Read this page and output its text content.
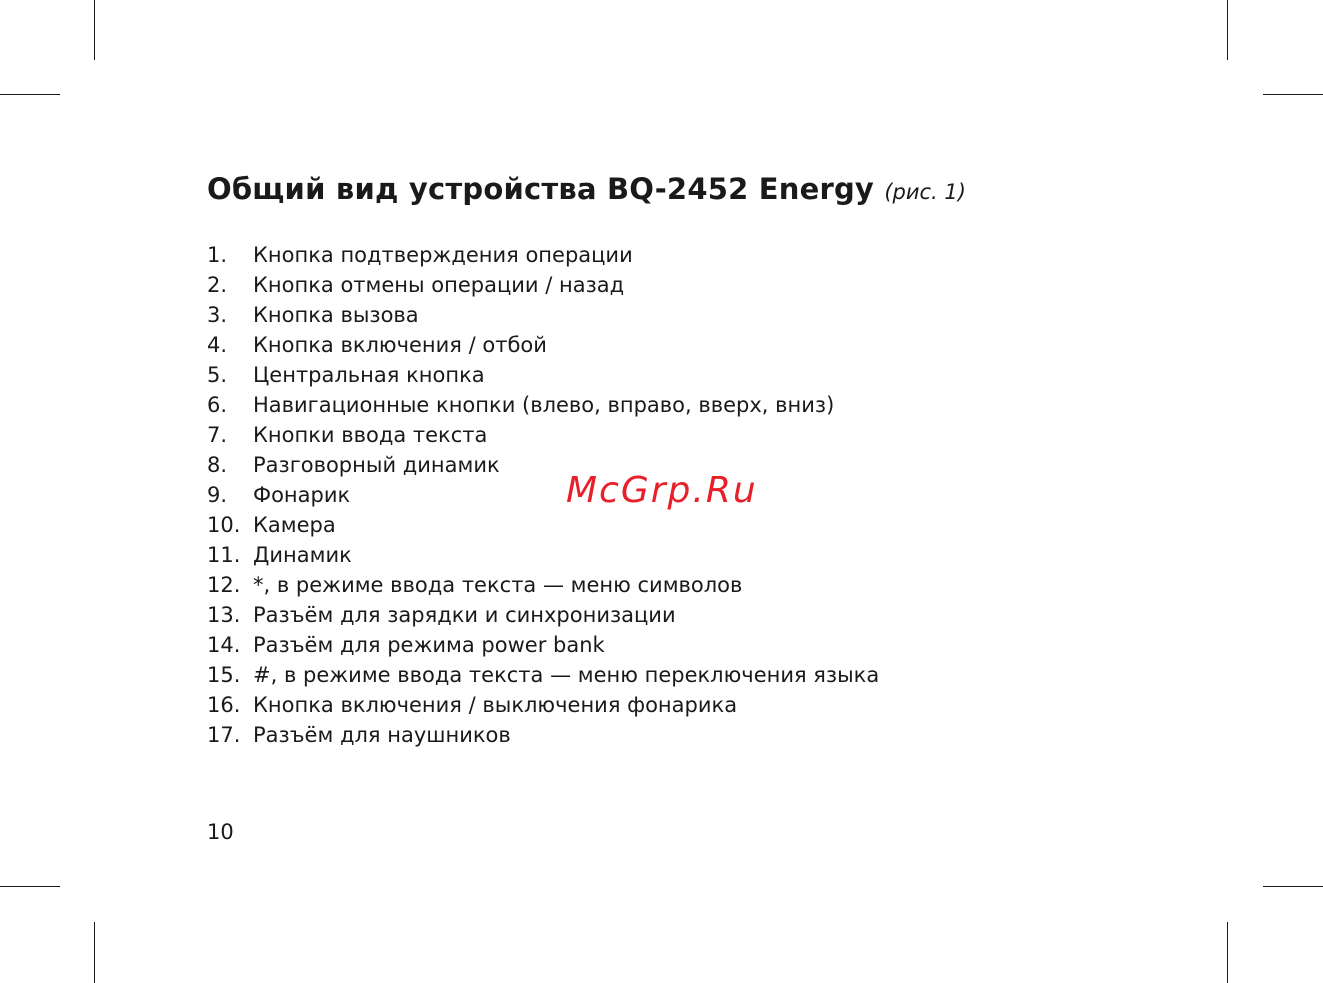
Общий вид устройства BQ-2452 Energy (рис. 1)
1.	Кнопка подтверждения операции
2.	Кнопка отмены операции / назад
3.	Кнопка вызова
4.	Кнопка включения / отбой
5.	Центральная кнопка
6.	Навигационные кнопки (влево, вправо, вверх, вниз)
7.	Кнопки ввода текста
8.	Разговорный динамик
9.	Фонарик
10. Камера
11. Динамик
12. *, в режиме ввода текста — меню символов
13. Разъём для зарядки и синхронизации
14. Разъём для режима power bank
15. #, в режиме ввода текста — меню переключения языка
16. Кнопка включения / выключения фонарика
17. Разъём для наушников
McGrp.Ru
10
